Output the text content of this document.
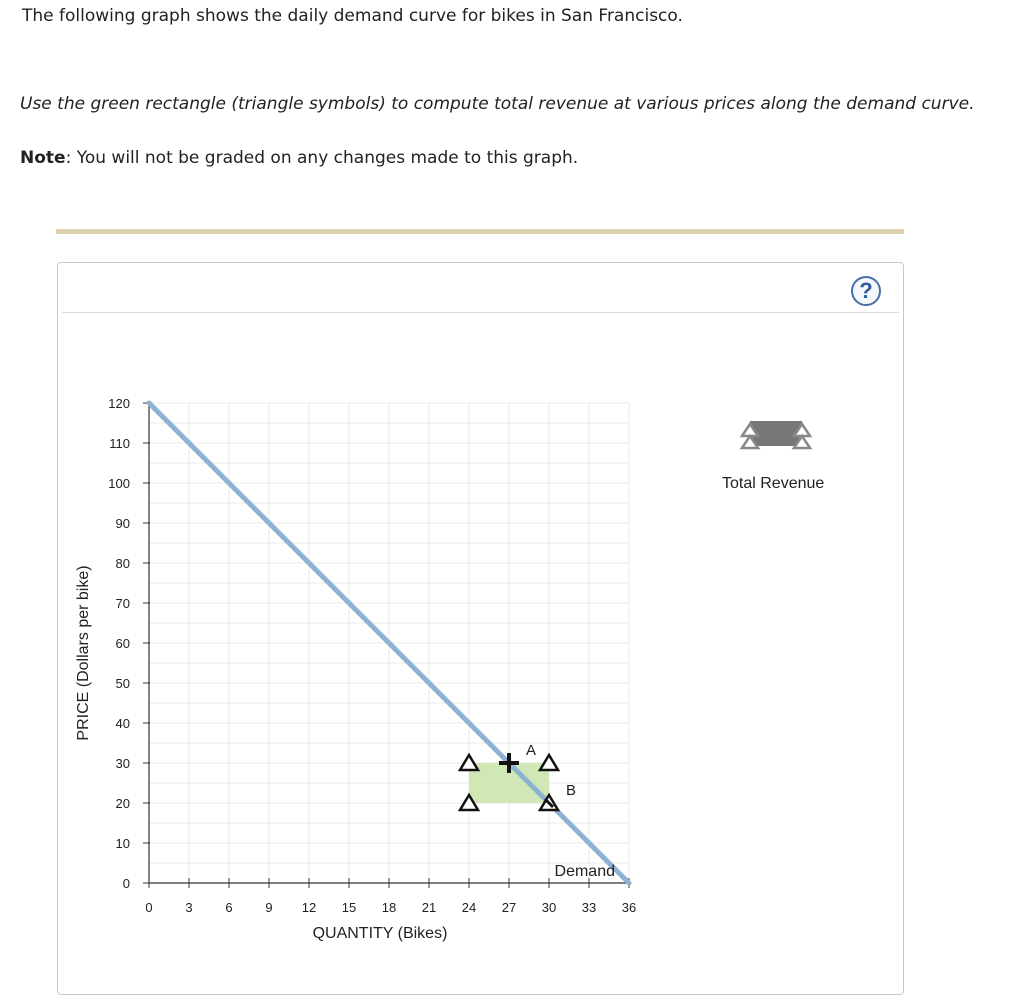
The following graph shows the daily demand curve for bikes in San Francisco.
Use the green rectangle (triangle symbols) to compute total revenue at various prices along the demand curve.
Note: You will not be graded on any changes made to this graph.
?
0
10
20
30
40
50
60
70
80
90
100
110
120
0	3	6	9 12 15 18 21 24 27 30 33 36
Demand
A
B
QUANTITY (Bikes)
PRICE (Dollars per bike)
Total Revenue
